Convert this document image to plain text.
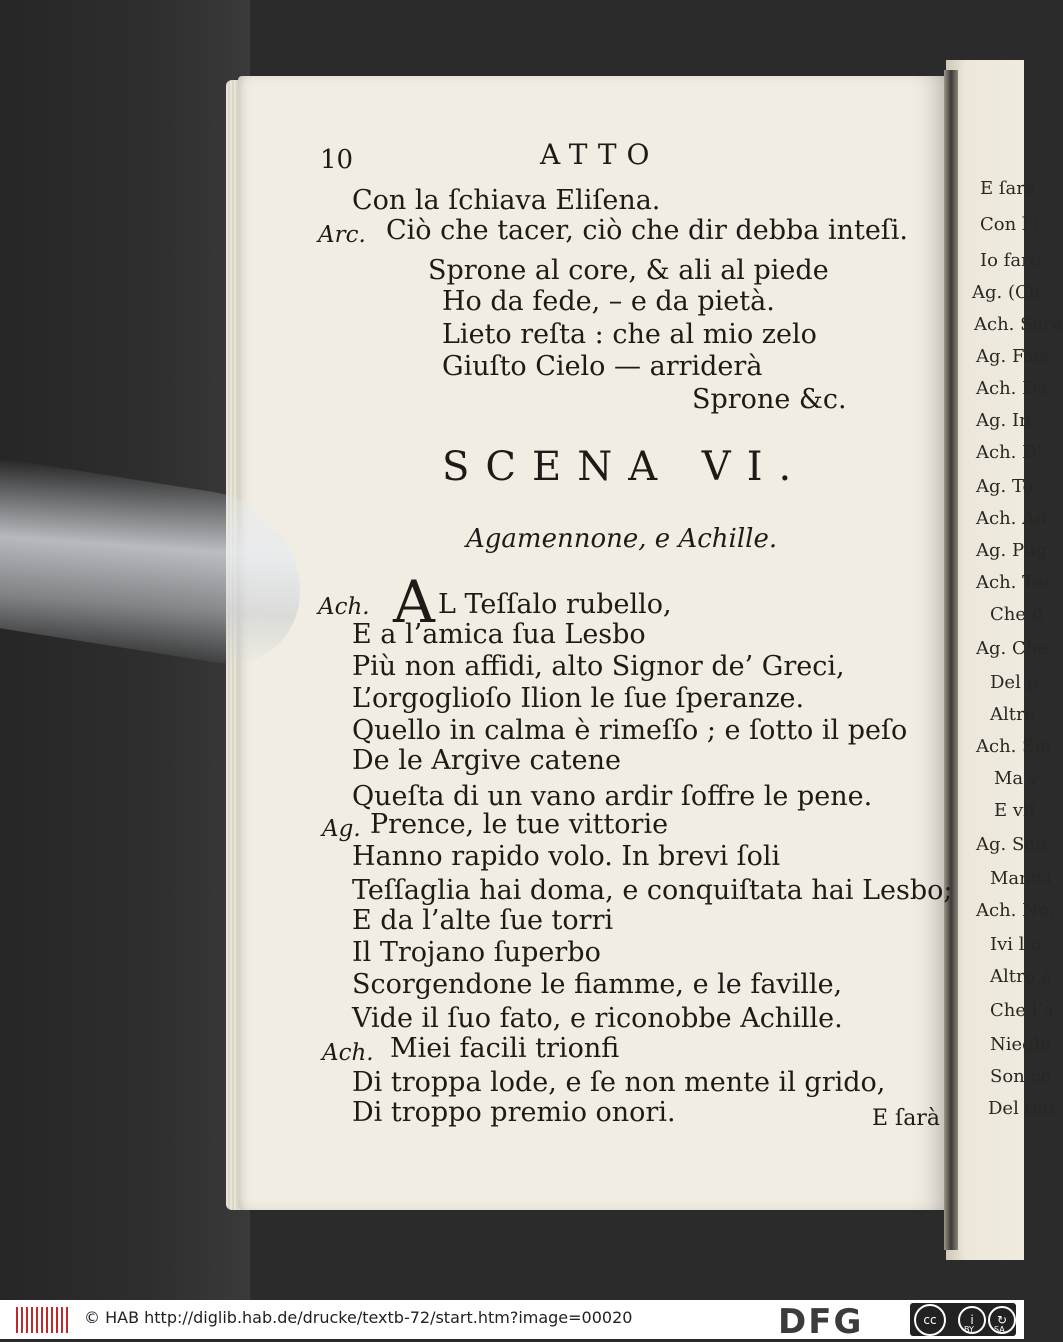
10	ATTO
Con la ſchiava Eliſena.
Arc. Ciò che tacer, ciò che dir debba inteſi.
Sprone al core, & ali al piede
Ho da fede, – e da pietà.
Lieto reſta : che al mio zelo
Giuſto Cielo — arriderà
Sprone &c.
SCENA VI.
Agamennone, e Achille.
Ach. A L Teſſalo rubello,
E a l’amica ſua Lesbo
Più non affidi, alto Signor de’ Greci,
L’orgoglioſo Ilion le ſue ſperanze.
Quello in calma è rimeſſo ; e ſotto il peſo
De le Argive catene
Queſta di un vano ardir ſoffre le pene.
Ag. Prence, le tue vittorie
Hanno rapido volo. In brevi ſoli
Teſſaglia hai doma, e conquiſtata hai Lesbo;
E da l’alte ſue torri
Il Trojano ſuperbo
Scorgendone le fiamme, e le faville,
Vide il ſuo fato, e riconobbe Achille.
Ach. Miei facili trionfi
Di troppa lode, e ſe non mente il grido,
Di troppo premio onori.	E ſarà
E ſarà
Con l’i
Io farò
Ag. (Ch
Ach. Sarà
Ag. Facc
Ach. De’
Ag. In
Ach. D’
Ag. To
Ach. Ad
Ag. Pug
Ach. Ter
Che d
Ag. Che
Del p
Altro
Ach. Sia
Ma v
E viſ
Ag. Sen
Manca
Ach. No,
Ivi l’o
Altro à
Che l’a
Nieghi
Son co
Del tuo
© HAB http://diglib.hab.de/drucke/textb-72/start.htm?image=00020	DFG	cc	i	↻
BY	SA
